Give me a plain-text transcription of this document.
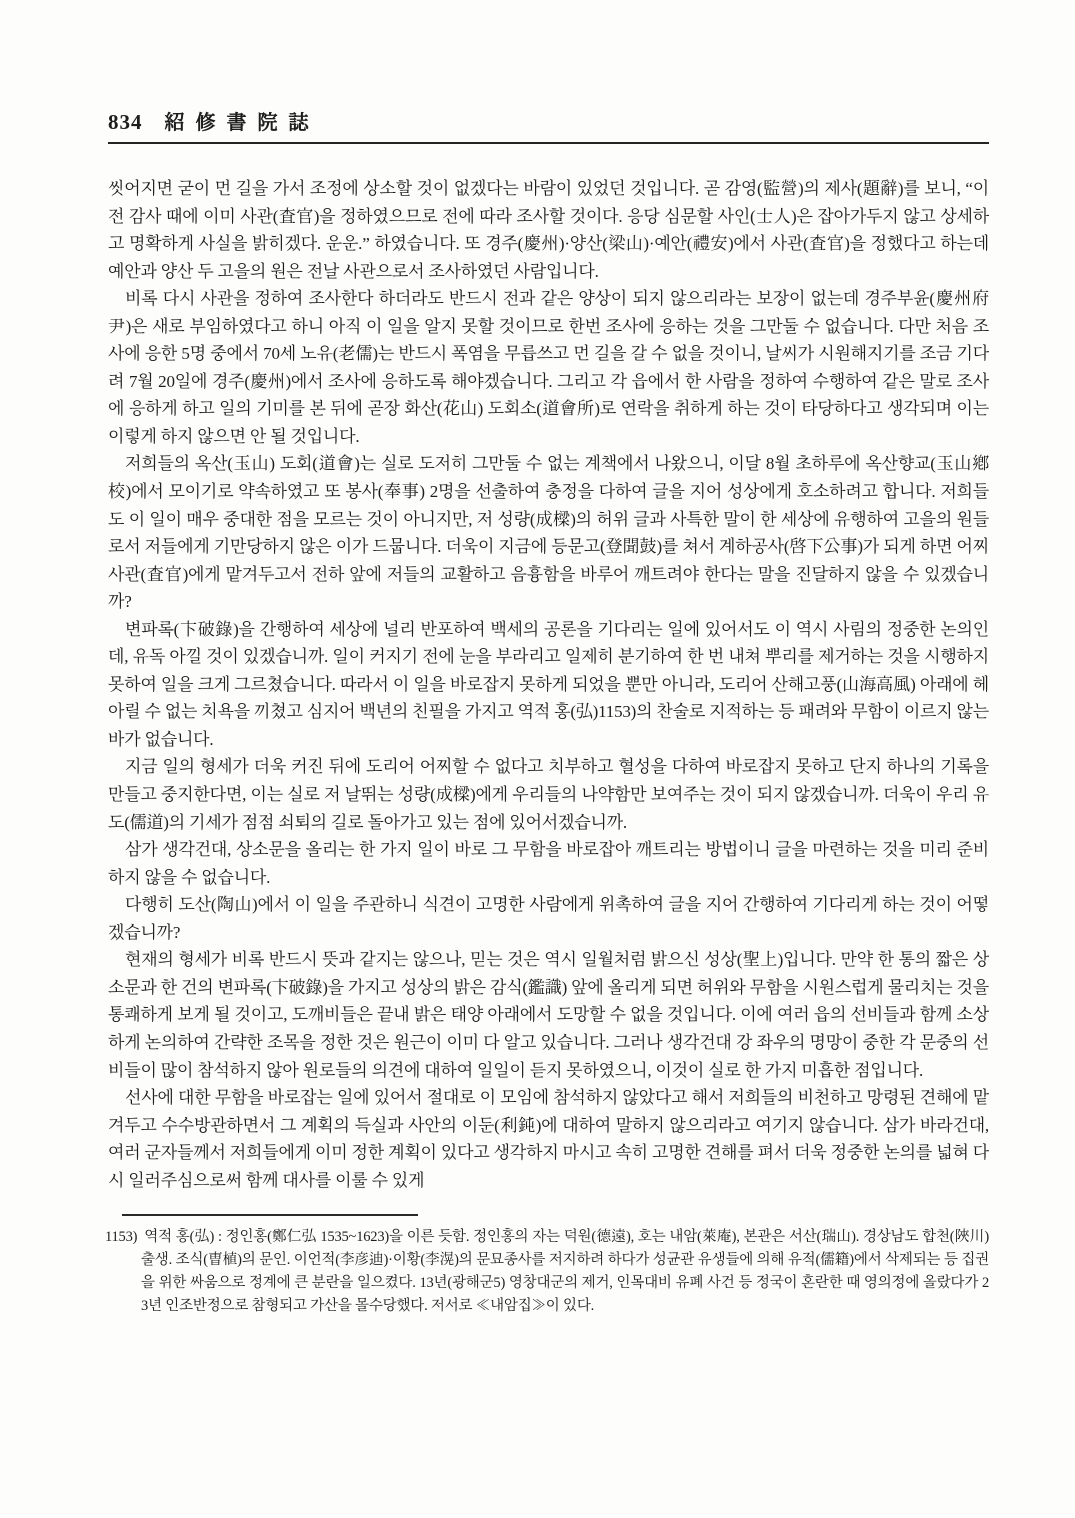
834 紹修書院誌

씻어지면 굳이 먼 길을 가서 조정에 상소할 것이 없겠다는 바람이 있었던 것입니다. 곧 감영(監營)의 제사(題辭)를 보니, “이전 감사 때에 이미 사관(査官)을 정하였으므로 전에 따라 조사할 것이다. 응당 심문할 사인(士人)은 잡아가두지 않고 상세하고 명확하게 사실을 밝히겠다. 운운.” 하였습니다. 또 경주(慶州)·양산(梁山)·예안(禮安)에서 사관(査官)을 정했다고 하는데 예안과 양산 두 고을의 원은 전날 사관으로서 조사하였던 사람입니다.

비록 다시 사관을 정하여 조사한다 하더라도 반드시 전과 같은 양상이 되지 않으리라는 보장이 없는데 경주부윤(慶州府尹)은 새로 부임하였다고 하니 아직 이 일을 알지 못할 것이므로 한번 조사에 응하는 것을 그만둘 수 없습니다. 다만 처음 조사에 응한 5명 중에서 70세 노유(老儒)는 반드시 폭염을 무릅쓰고 먼 길을 갈 수 없을 것이니, 날씨가 시원해지기를 조금 기다려 7월 20일에 경주(慶州)에서 조사에 응하도록 해야겠습니다. 그리고 각 읍에서 한 사람을 정하여 수행하여 같은 말로 조사에 응하게 하고 일의 기미를 본 뒤에 곧장 화산(花山) 도회소(道會所)로 연락을 취하게 하는 것이 타당하다고 생각되며 이는 이렇게 하지 않으면 안 될 것입니다.

저희들의 옥산(玉山) 도회(道會)는 실로 도저히 그만둘 수 없는 계책에서 나왔으니, 이달 8월 초하루에 옥산향교(玉山鄕校)에서 모이기로 약속하였고 또 봉사(奉事) 2명을 선출하여 충정을 다하여 글을 지어 성상에게 호소하려고 합니다. 저희들도 이 일이 매우 중대한 점을 모르는 것이 아니지만, 저 성량(成樑)의 허위 글과 사특한 말이 한 세상에 유행하여 고을의 원들로서 저들에게 기만당하지 않은 이가 드뭅니다. 더욱이 지금에 등문고(登聞鼓)를 쳐서 계하공사(啓下公事)가 되게 하면 어찌 사관(査官)에게 맡겨두고서 전하 앞에 저들의 교활하고 음흉함을 바루어 깨트려야 한다는 말을 진달하지 않을 수 있겠습니까?

변파록(卞破錄)을 간행하여 세상에 널리 반포하여 백세의 공론을 기다리는 일에 있어서도 이 역시 사림의 정중한 논의인데, 유독 아낄 것이 있겠습니까. 일이 커지기 전에 눈을 부라리고 일제히 분기하여 한 번 내쳐 뿌리를 제거하는 것을 시행하지 못하여 일을 크게 그르쳤습니다. 따라서 이 일을 바로잡지 못하게 되었을 뿐만 아니라, 도리어 산해고풍(山海高風) 아래에 헤아릴 수 없는 치욕을 끼쳤고 심지어 백년의 친필을 가지고 역적 홍(弘)1153)의 찬술로 지적하는 등 패려와 무함이 이르지 않는 바가 없습니다.

지금 일의 형세가 더욱 커진 뒤에 도리어 어찌할 수 없다고 치부하고 혈성을 다하여 바로잡지 못하고 단지 하나의 기록을 만들고 중지한다면, 이는 실로 저 날뛰는 성량(成樑)에게 우리들의 나약함만 보여주는 것이 되지 않겠습니까. 더욱이 우리 유도(儒道)의 기세가 점점 쇠퇴의 길로 돌아가고 있는 점에 있어서겠습니까.

삼가 생각건대, 상소문을 올리는 한 가지 일이 바로 그 무함을 바로잡아 깨트리는 방법이니 글을 마련하는 것을 미리 준비하지 않을 수 없습니다.

다행히 도산(陶山)에서 이 일을 주관하니 식견이 고명한 사람에게 위촉하여 글을 지어 간행하여 기다리게 하는 것이 어떻겠습니까?

현재의 형세가 비록 반드시 뜻과 같지는 않으나, 믿는 것은 역시 일월처럼 밝으신 성상(聖上)입니다. 만약 한 통의 짧은 상소문과 한 건의 변파록(卞破錄)을 가지고 성상의 밝은 감식(鑑識) 앞에 올리게 되면 허위와 무함을 시원스럽게 물리치는 것을 통쾌하게 보게 될 것이고, 도깨비들은 끝내 밝은 태양 아래에서 도망할 수 없을 것입니다. 이에 여러 읍의 선비들과 함께 소상하게 논의하여 간략한 조목을 정한 것은 원근이 이미 다 알고 있습니다. 그러나 생각건대 강 좌우의 명망이 중한 각 문중의 선비들이 많이 참석하지 않아 원로들의 의견에 대하여 일일이 듣지 못하였으니, 이것이 실로 한 가지 미흡한 점입니다.

선사에 대한 무함을 바로잡는 일에 있어서 절대로 이 모임에 참석하지 않았다고 해서 저희들의 비천하고 망령된 견해에 맡겨두고 수수방관하면서 그 계획의 득실과 사안의 이둔(利鈍)에 대하여 말하지 않으리라고 여기지 않습니다. 삼가 바라건대, 여러 군자들께서 저희들에게 이미 정한 계획이 있다고 생각하지 마시고 속히 고명한 견해를 펴서 더욱 정중한 논의를 넓혀 다시 일러주심으로써 함께 대사를 이룰 수 있게

1153) 역적 홍(弘) : 정인홍(鄭仁弘 1535~1623)을 이른 듯함. 정인홍의 자는 덕원(德遠), 호는 내암(萊庵), 본관은 서산(瑞山). 경상남도 합천(陜川) 출생. 조식(曺植)의 문인. 이언적(李彦迪)·이황(李滉)의 문묘종사를 저지하려 하다가 성균관 유생들에 의해 유적(儒籍)에서 삭제되는 등 집권을 위한 싸움으로 정계에 큰 분란을 일으켰다. 13년(광해군5) 영창대군의 제거, 인목대비 유폐 사건 등 정국이 혼란한 때 영의정에 올랐다가 23년 인조반정으로 참형되고 가산을 몰수당했다. 저서로 ≪내암집≫이 있다.
